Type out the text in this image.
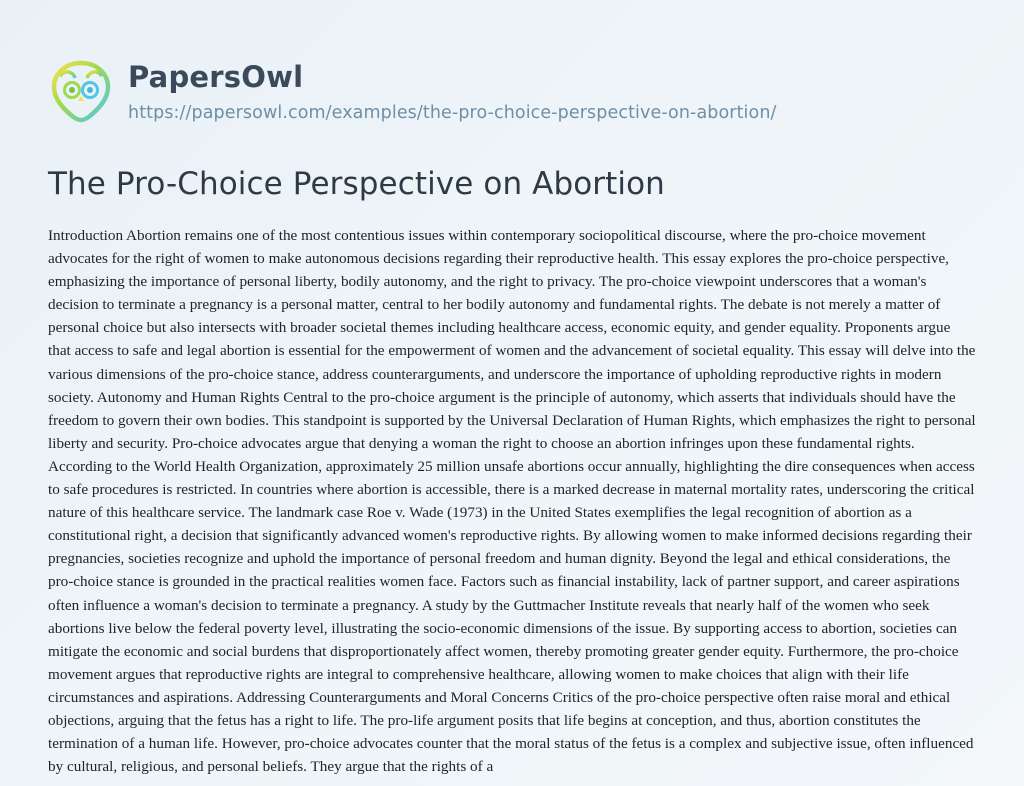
PapersOwl
https://papersowl.com/examples/the-pro-choice-perspective-on-abortion/
The Pro-Choice Perspective on Abortion

Introduction Abortion remains one of the most contentious issues within contemporary sociopolitical discourse, where the pro-choice movement advocates for the right of women to make autonomous decisions regarding their reproductive health. This essay explores the pro-choice perspective, emphasizing the importance of personal liberty, bodily autonomy, and the right to privacy. The pro-choice viewpoint underscores that a woman's decision to terminate a pregnancy is a personal matter, central to her bodily autonomy and fundamental rights. The debate is not merely a matter of personal choice but also intersects with broader societal themes including healthcare access, economic equity, and gender equality. Proponents argue that access to safe and legal abortion is essential for the empowerment of women and the advancement of societal equality. This essay will delve into the various dimensions of the pro-choice stance, address counterarguments, and underscore the importance of upholding reproductive rights in modern society. Autonomy and Human Rights Central to the pro-choice argument is the principle of autonomy, which asserts that individuals should have the freedom to govern their own bodies. This standpoint is supported by the Universal Declaration of Human Rights, which emphasizes the right to personal liberty and security. Pro-choice advocates argue that denying a woman the right to choose an abortion infringes upon these fundamental rights. According to the World Health Organization, approximately 25 million unsafe abortions occur annually, highlighting the dire consequences when access to safe procedures is restricted. In countries where abortion is accessible, there is a marked decrease in maternal mortality rates, underscoring the critical nature of this healthcare service. The landmark case Roe v. Wade (1973) in the United States exemplifies the legal recognition of abortion as a constitutional right, a decision that significantly advanced women's reproductive rights. By allowing women to make informed decisions regarding their pregnancies, societies recognize and uphold the importance of personal freedom and human dignity. Beyond the legal and ethical considerations, the pro-choice stance is grounded in the practical realities women face. Factors such as financial instability, lack of partner support, and career aspirations often influence a woman's decision to terminate a pregnancy. A study by the Guttmacher Institute reveals that nearly half of the women who seek abortions live below the federal poverty level, illustrating the socio-economic dimensions of the issue. By supporting access to abortion, societies can mitigate the economic and social burdens that disproportionately affect women, thereby promoting greater gender equity. Furthermore, the pro-choice movement argues that reproductive rights are integral to comprehensive healthcare, allowing women to make choices that align with their life circumstances and aspirations. Addressing Counterarguments and Moral Concerns Critics of the pro-choice perspective often raise moral and ethical objections, arguing that the fetus has a right to life. The pro-life argument posits that life begins at conception, and thus, abortion constitutes the termination of a human life. However, pro-choice advocates counter that the moral status of the fetus is a complex and subjective issue, often influenced by cultural, religious, and personal beliefs. They argue that the rights of a
